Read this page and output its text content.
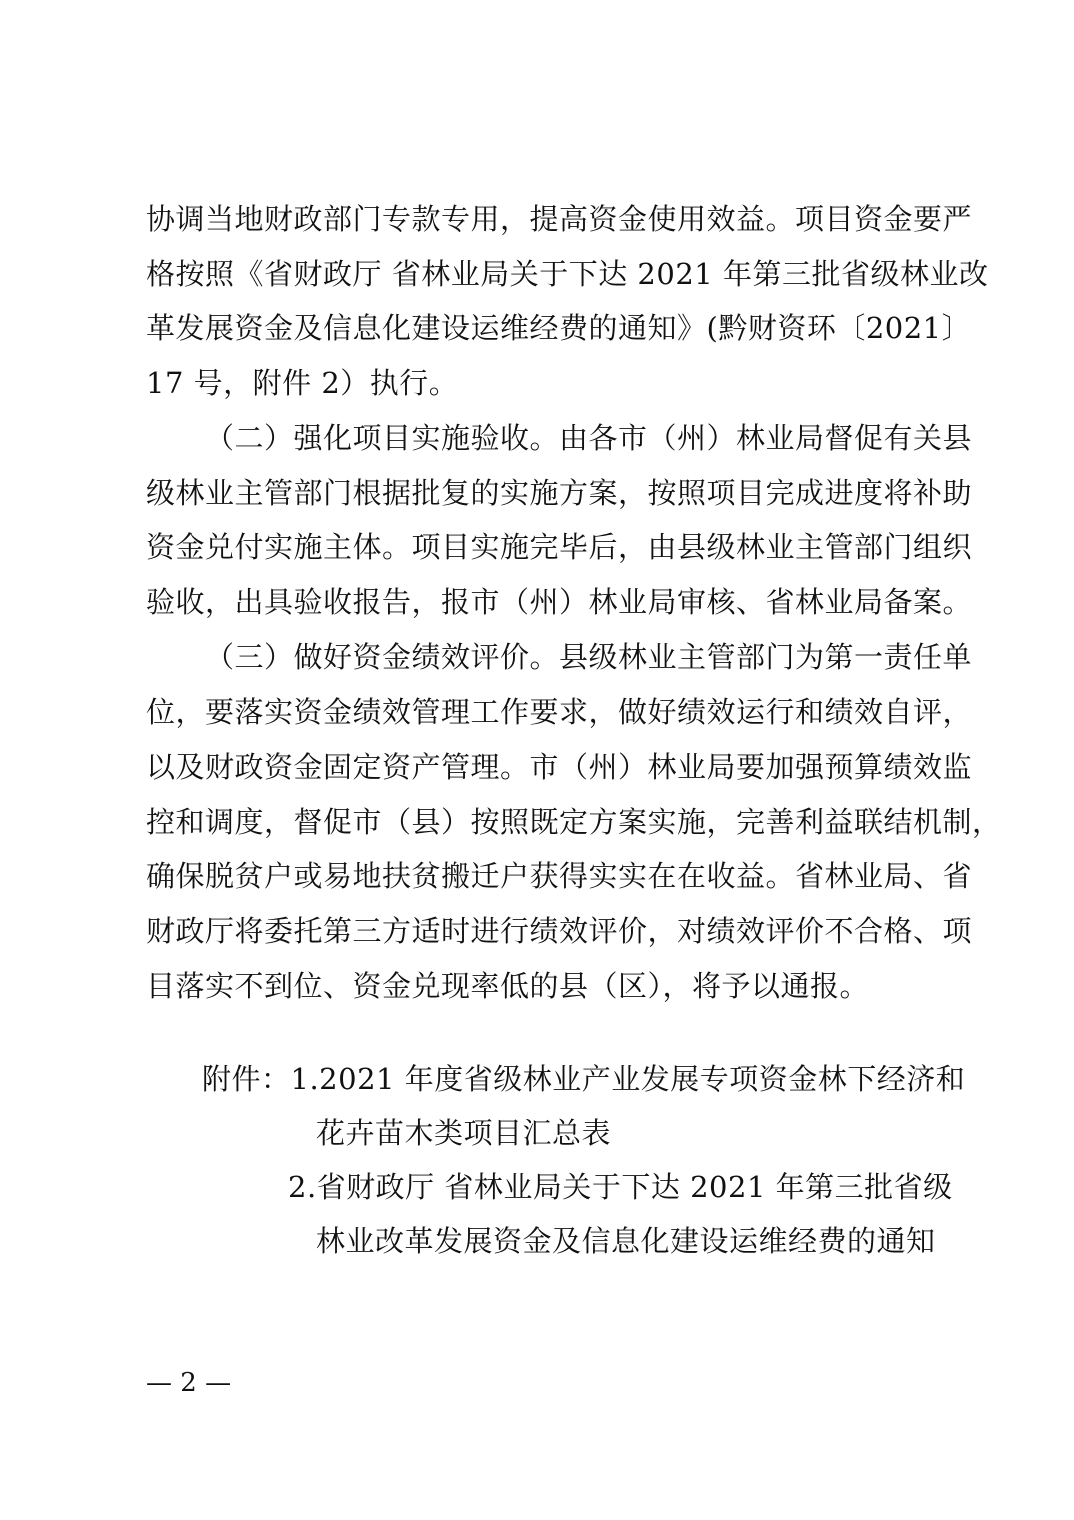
协调当地财政部门专款专用，提高资金使用效益。项目资金要严
格按照《省财政厅 省林业局关于下达 2021 年第三批省级林业改
革发展资金及信息化建设运维经费的通知》(黔财资环〔2021〕
17 号，附件 2）执行。
（二）强化项目实施验收。由各市（州）林业局督促有关县
级林业主管部门根据批复的实施方案，按照项目完成进度将补助
资金兑付实施主体。项目实施完毕后，由县级林业主管部门组织
验收，出具验收报告，报市（州）林业局审核、省林业局备案。
（三）做好资金绩效评价。县级林业主管部门为第一责任单
位，要落实资金绩效管理工作要求，做好绩效运行和绩效自评，
以及财政资金固定资产管理。市（州）林业局要加强预算绩效监
控和调度，督促市（县）按照既定方案实施，完善利益联结机制，
确保脱贫户或易地扶贫搬迁户获得实实在在收益。省林业局、省
财政厅将委托第三方适时进行绩效评价，对绩效评价不合格、项
目落实不到位、资金兑现率低的县（区），将予以通报。
附件：1.2021 年度省级林业产业发展专项资金林下经济和
花卉苗木类项目汇总表
2.省财政厅 省林业局关于下达 2021 年第三批省级
林业改革发展资金及信息化建设运维经费的通知
— 2 —
